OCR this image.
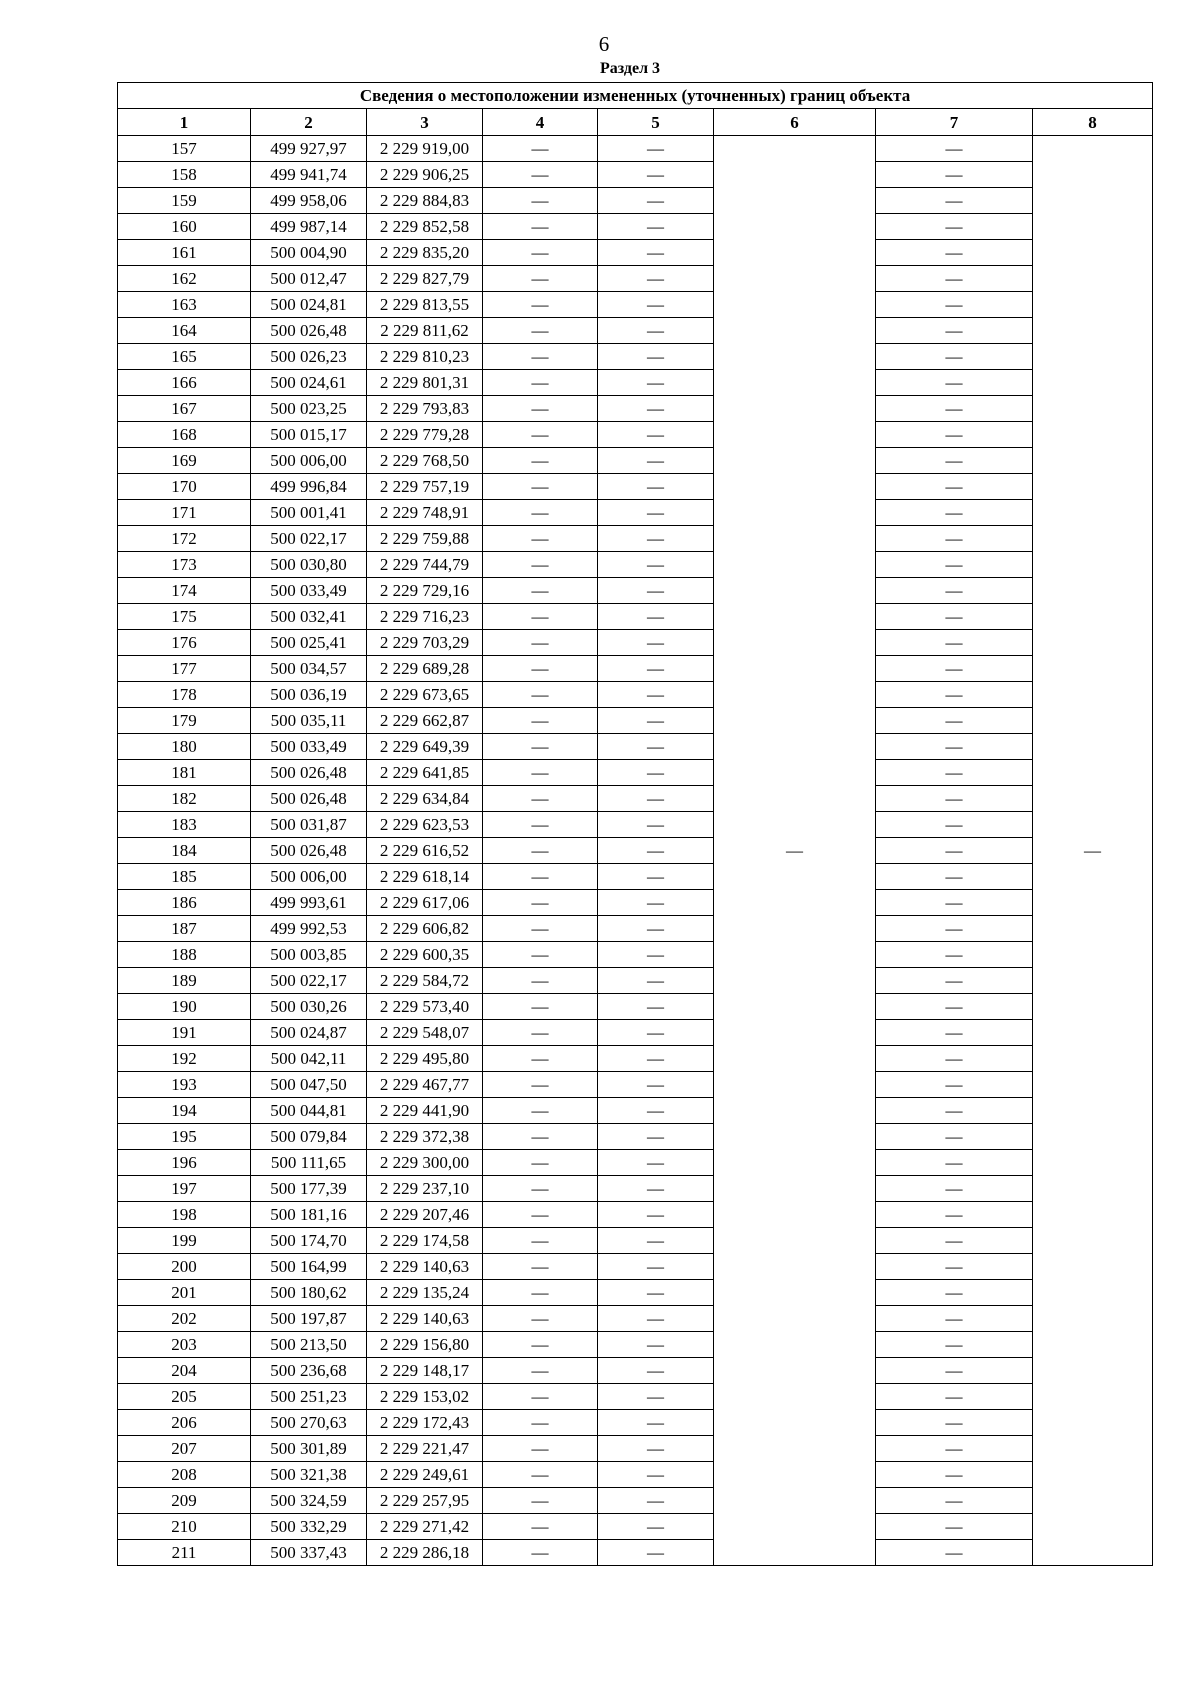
6
Раздел 3
Сведения о местоположении измененных (уточненных) границ объекта							
1	2	3	4	5	6	7	8
157	499 927,97	2 229 919,00	—	—	—	—	—
158	499 941,74	2 229 906,25	—	—		—	
159	499 958,06	2 229 884,83	—	—		—	
160	499 987,14	2 229 852,58	—	—		—	
161	500 004,90	2 229 835,20	—	—		—	
162	500 012,47	2 229 827,79	—	—		—	
163	500 024,81	2 229 813,55	—	—		—	
164	500 026,48	2 229 811,62	—	—		—	
165	500 026,23	2 229 810,23	—	—		—	
166	500 024,61	2 229 801,31	—	—		—	
167	500 023,25	2 229 793,83	—	—		—	
168	500 015,17	2 229 779,28	—	—		—	
169	500 006,00	2 229 768,50	—	—		—	
170	499 996,84	2 229 757,19	—	—		—	
171	500 001,41	2 229 748,91	—	—		—	
172	500 022,17	2 229 759,88	—	—		—	
173	500 030,80	2 229 744,79	—	—		—	
174	500 033,49	2 229 729,16	—	—		—	
175	500 032,41	2 229 716,23	—	—		—	
176	500 025,41	2 229 703,29	—	—		—	
177	500 034,57	2 229 689,28	—	—		—	
178	500 036,19	2 229 673,65	—	—		—	
179	500 035,11	2 229 662,87	—	—		—	
180	500 033,49	2 229 649,39	—	—		—	
181	500 026,48	2 229 641,85	—	—		—	
182	500 026,48	2 229 634,84	—	—		—	
183	500 031,87	2 229 623,53	—	—		—	
184	500 026,48	2 229 616,52	—	—		—	
185	500 006,00	2 229 618,14	—	—		—	
186	499 993,61	2 229 617,06	—	—		—	
187	499 992,53	2 229 606,82	—	—		—	
188	500 003,85	2 229 600,35	—	—		—	
189	500 022,17	2 229 584,72	—	—		—	
190	500 030,26	2 229 573,40	—	—		—	
191	500 024,87	2 229 548,07	—	—		—	
192	500 042,11	2 229 495,80	—	—		—	
193	500 047,50	2 229 467,77	—	—		—	
194	500 044,81	2 229 441,90	—	—		—	
195	500 079,84	2 229 372,38	—	—		—	
196	500 111,65	2 229 300,00	—	—		—	
197	500 177,39	2 229 237,10	—	—		—	
198	500 181,16	2 229 207,46	—	—		—	
199	500 174,70	2 229 174,58	—	—		—	
200	500 164,99	2 229 140,63	—	—		—	
201	500 180,62	2 229 135,24	—	—		—	
202	500 197,87	2 229 140,63	—	—		—	
203	500 213,50	2 229 156,80	—	—		—	
204	500 236,68	2 229 148,17	—	—		—	
205	500 251,23	2 229 153,02	—	—		—	
206	500 270,63	2 229 172,43	—	—		—	
207	500 301,89	2 229 221,47	—	—		—	
208	500 321,38	2 229 249,61	—	—		—	
209	500 324,59	2 229 257,95	—	—		—	
210	500 332,29	2 229 271,42	—	—		—	
211	500 337,43	2 229 286,18	—	—		—	
